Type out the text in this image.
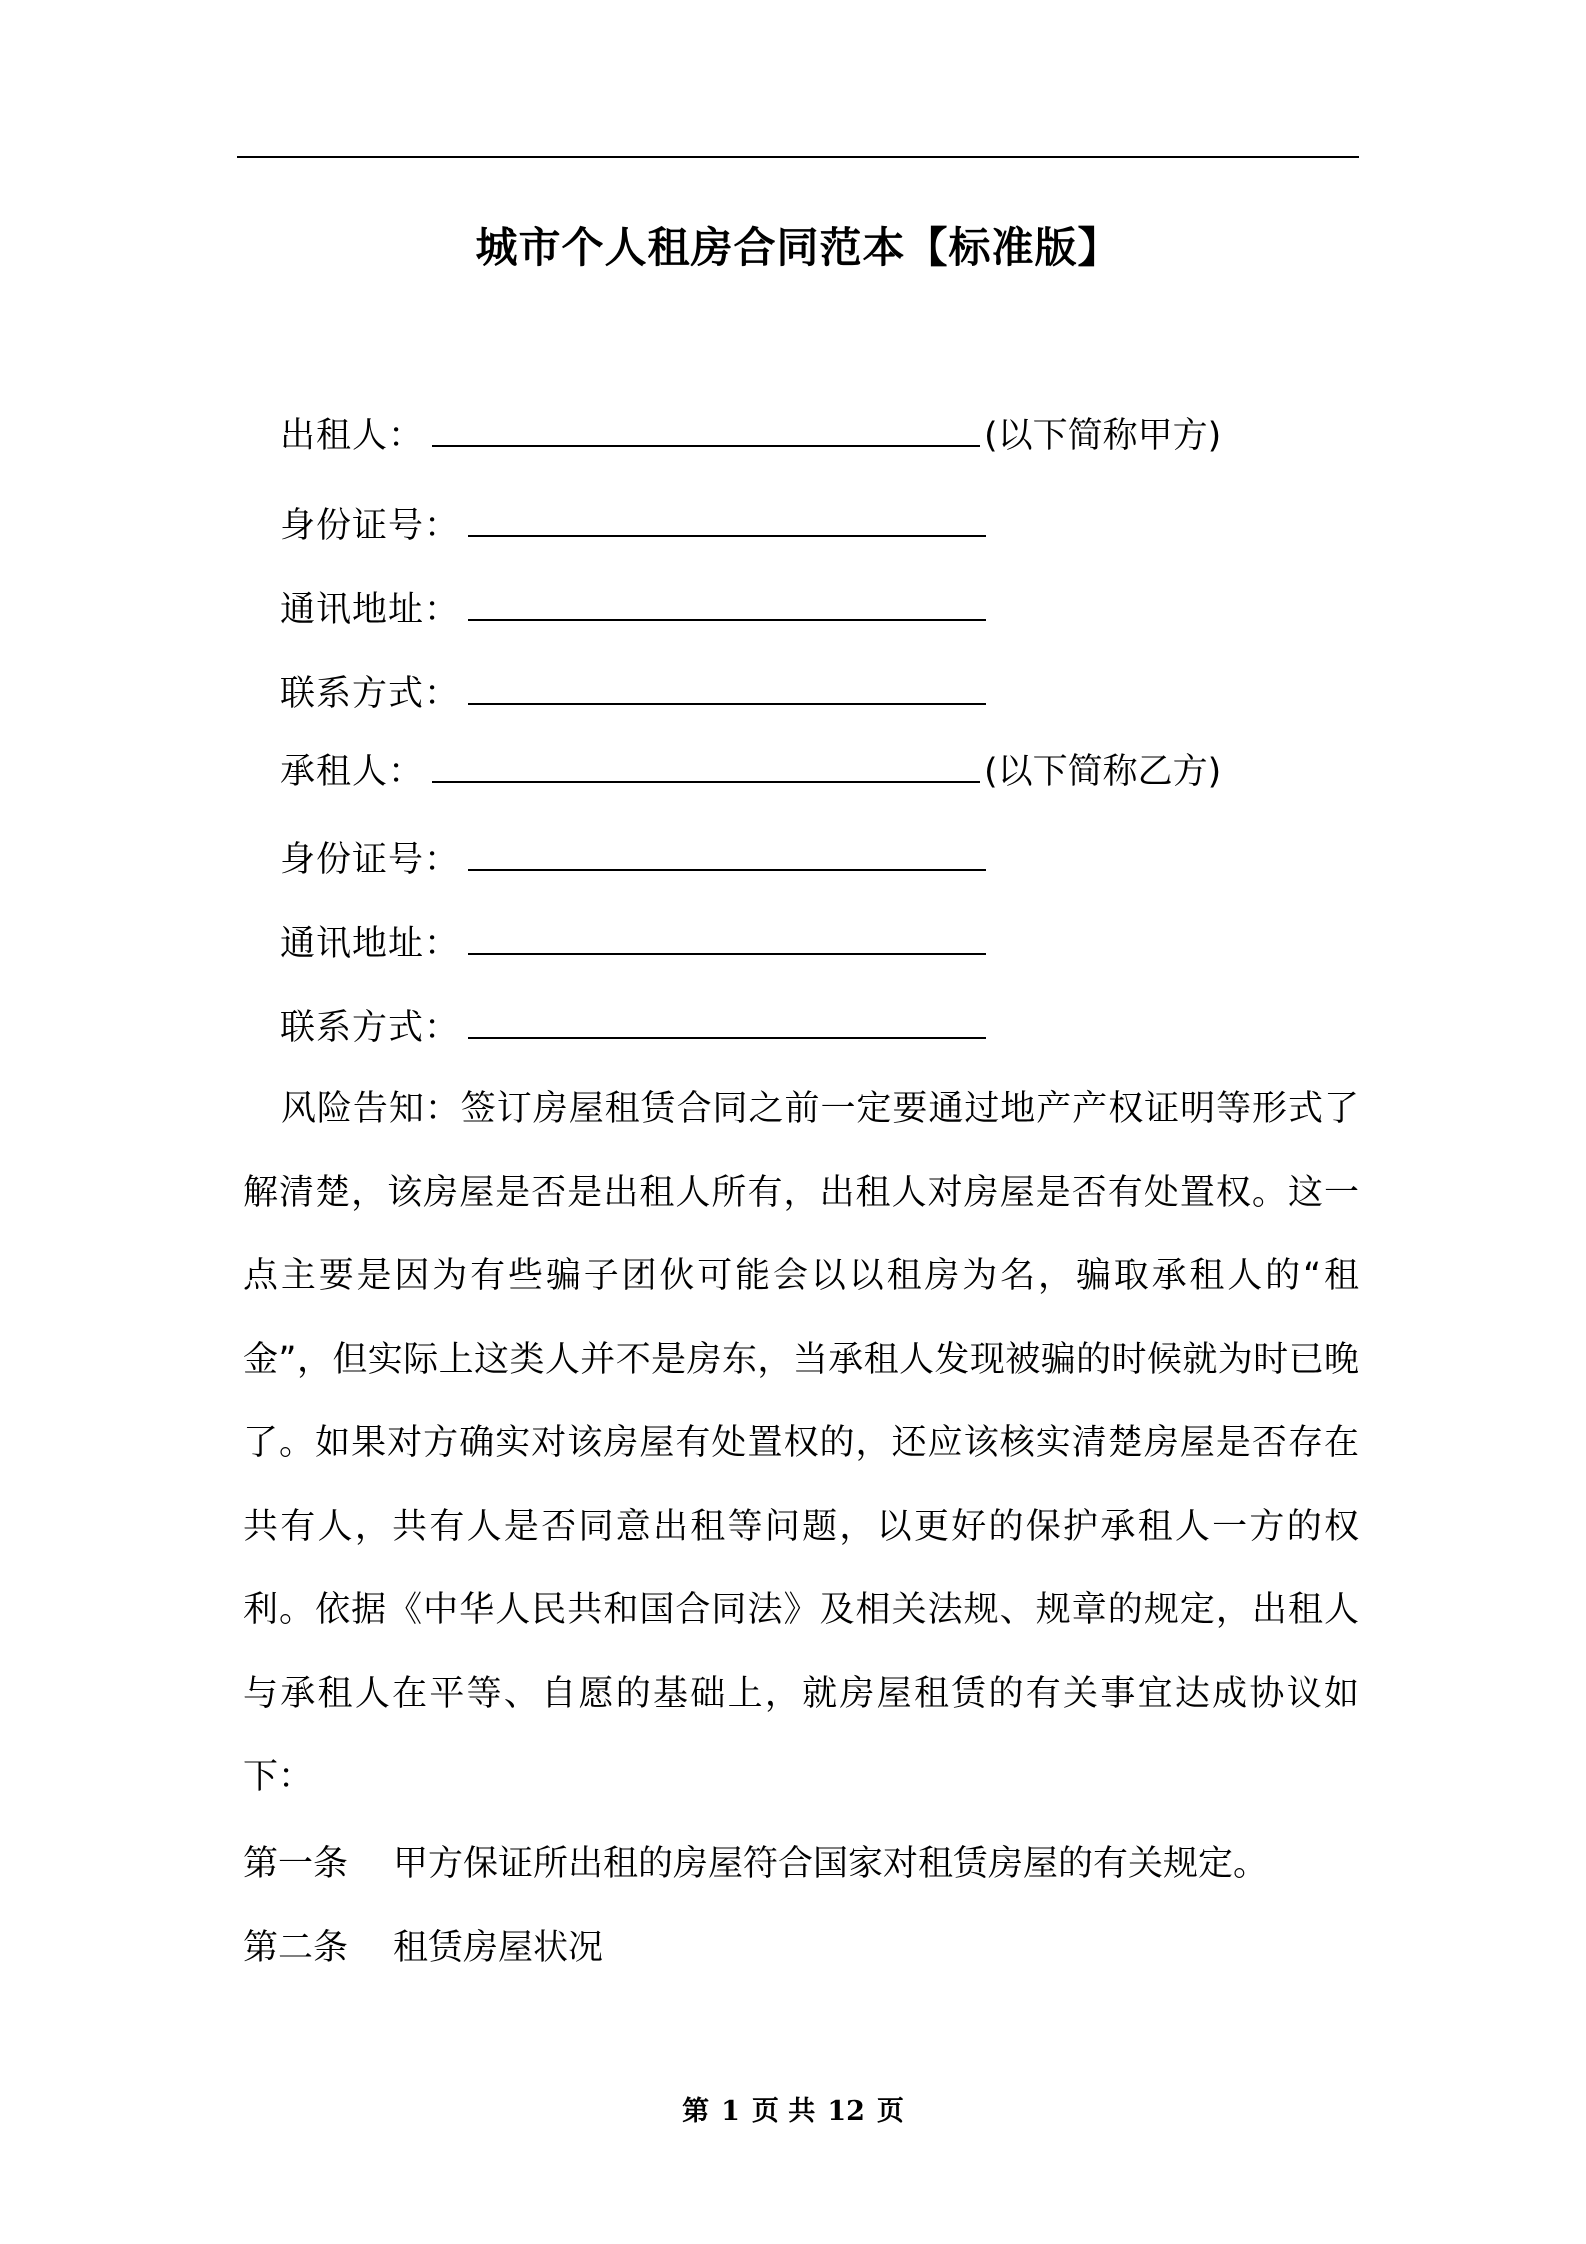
城市个人租房合同范本【标准版】
出租人：	(以下简称甲方)
身份证号：
通讯地址：
联系方式：
承租人：	(以下简称乙方)
身份证号：
通讯地址：
联系方式：
风险告知：签订房屋租赁合同之前一定要通过地产产权证明等形式了解清楚，该房屋是否是出租人所有，出租人对房屋是否有处置权。这一点主要是因为有些骗子团伙可能会以以租房为名，骗取承租人的“租金”，但实际上这类人并不是房东，当承租人发现被骗的时候就为时已晚了。如果对方确实对该房屋有处置权的，还应该核实清楚房屋是否存在共有人，共有人是否同意出租等问题，以更好的保护承租人一方的权利。依据《中华人民共和国合同法》及相关法规、规章的规定，出租人与承租人在平等、自愿的基础上，就房屋租赁的有关事宜达成协议如下：
第一条 甲方保证所出租的房屋符合国家对租赁房屋的有关规定。
第二条 租赁房屋状况
第 1 页 共 12 页
